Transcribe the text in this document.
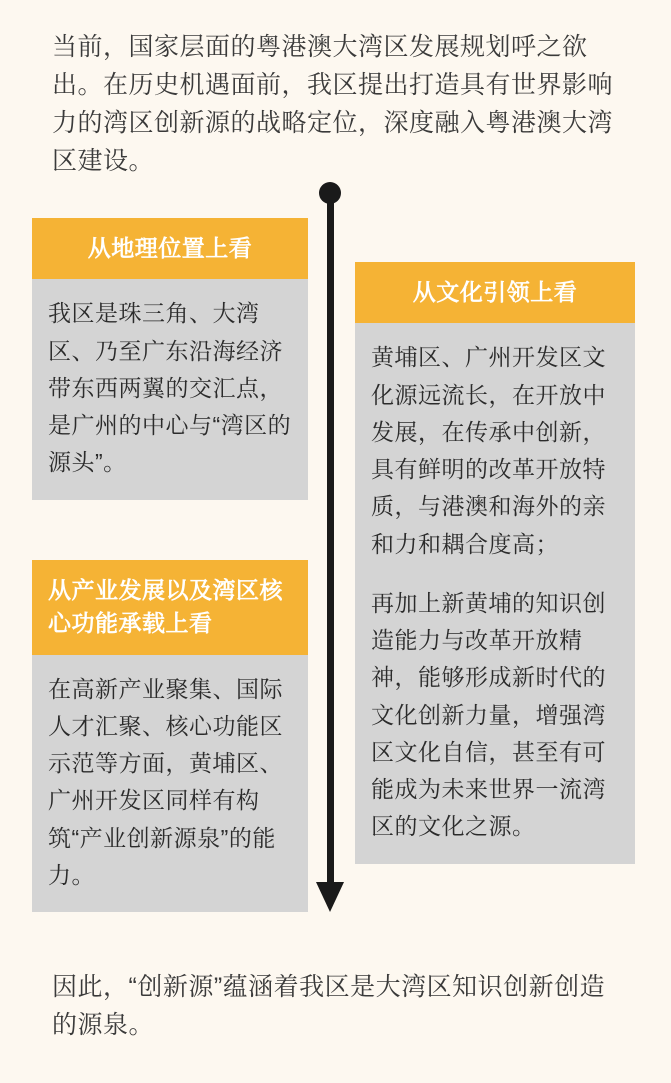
当前，国家层面的粤港澳大湾区发展规划呼之欲出。在历史机遇面前，我区提出打造具有世界影响力的湾区创新源的战略定位，深度融入粤港澳大湾区建设。
从地理位置上看

我区是珠三角、大湾区、乃至广东沿海经济带东西两翼的交汇点，是广州的中心与“湾区的源头”。

从产业发展以及湾区核心功能承载上看

在高新产业聚集、国际人才汇聚、核心功能区示范等方面，黄埔区、广州开发区同样有构筑“产业创新源泉”的能力。

从文化引领上看

黄埔区、广州开发区文化源远流长，在开放中发展，在传承中创新，具有鲜明的改革开放特质，与港澳和海外的亲和力和耦合度高；

再加上新黄埔的知识创造能力与改革开放精神，能够形成新时代的文化创新力量，增强湾区文化自信，甚至有可能成为未来世界一流湾区的文化之源。

因此，“创新源”蕴涵着我区是大湾区知识创新创造的源泉。
